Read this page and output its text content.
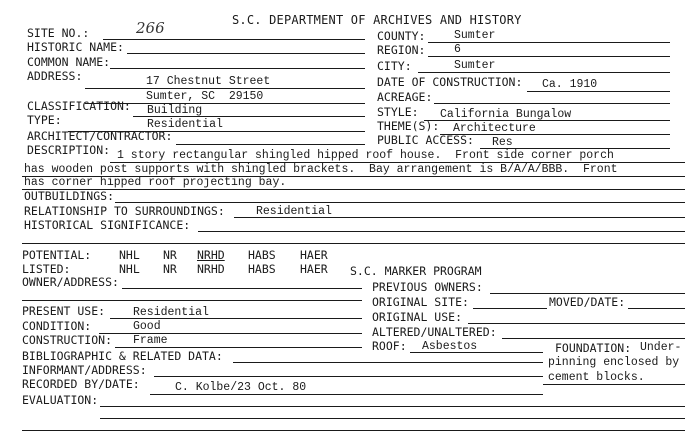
S.C. DEPARTMENT OF ARCHIVES AND HISTORY
SITE NO.:	266
HISTORIC NAME:
COMMON NAME:
ADDRESS:	17 Chestnut Street
Sumter, SC  29150
CLASSIFICATION: Building
TYPE:	Residential
ARCHITECT/CONTRACTOR:
COUNTY: Sumter
REGION: 6
CITY:	Sumter
DATE OF CONSTRUCTION: Ca. 1910
ACREAGE:
STYLE: California Bungalow
THEME(S): Architecture
PUBLIC ACCESS: Res
DESCRIPTION: 1 story rectangular shingled hipped roof house.  Front side corner porch
has wooden post supports with shingled brackets.  Bay arrangement is B/A/A/BBB.  Front
has corner hipped roof projecting bay.
OUTBUILDINGS:
RELATIONSHIP TO SURROUNDINGS:	Residential
HISTORICAL SIGNIFICANCE:
POTENTIAL: NHL NR NRHD HABS HAER
LISTED:	NHL NR NRHD HABS HAER S.C. MARKER PROGRAM
OWNER/ADDRESS:	PREVIOUS OWNERS:
ORIGINAL SITE:	MOVED/DATE:
PRESENT USE: Residential
CONDITION:	Good
CONSTRUCTION: Frame
BIBLIOGRAPHIC & RELATED DATA:
INFORMANT/ADDRESS:
RECORDED BY/DATE:	C. Kolbe/23 Oct. 80
EVALUATION:
ORIGINAL USE:
ALTERED/UNALTERED:
ROOF: Asbestos	FOUNDATION: Under-
pinning enclosed by
cement blocks.
